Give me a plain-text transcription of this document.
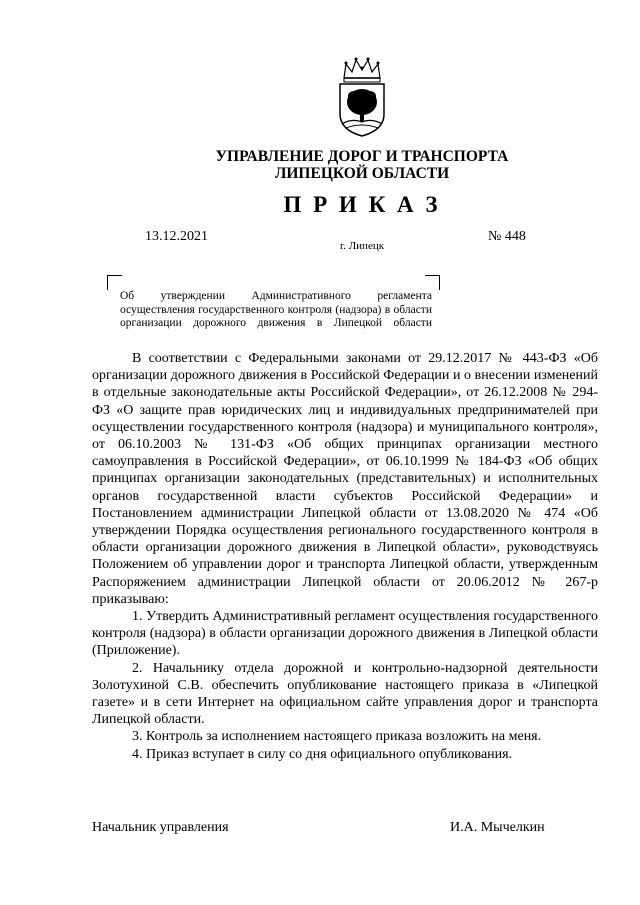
УПРАВЛЕНИЕ ДОРОГ И ТРАНСПОРТА
ЛИПЕЦКОЙ ОБЛАСТИ
П Р И К А З
13.12.2021	№ 448
г. Липецк
Об утверждении Административного регламента осуществления государственного контроля (надзора) в области организации дорожного движения в Липецкой области

В соответствии с Федеральными законами от 29.12.2017 № 443-ФЗ «Об организации дорожного движения в Российской Федерации и о внесении изменений в отдельные законодательные акты Российской Федерации», от 26.12.2008 № 294-ФЗ «О защите прав юридических лиц и индивидуальных предпринимателей при осуществлении государственного контроля (надзора) и муниципального контроля», от 06.10.2003 № 131-ФЗ «Об общих принципах организации местного самоуправления в Российской Федерации», от 06.10.1999 № 184-ФЗ «Об общих принципах организации законодательных (представительных) и исполнительных органов государственной власти субъектов Российской Федерации» и Постановлением администрации Липецкой области от 13.08.2020 № 474 «Об утверждении Порядка осуществления регионального государственного контроля в области организации дорожного движения в Липецкой области», руководствуясь Положением об управлении дорог и транспорта Липецкой области, утвержденным Распоряжением администрации Липецкой области от 20.06.2012 № 267-р приказываю:

1. Утвердить Административный регламент осуществления государственного контроля (надзора) в области организации дорожного движения в Липецкой области (Приложение).

2. Начальнику отдела дорожной и контрольно-надзорной деятельности Золотухиной С.В. обеспечить опубликование настоящего приказа в «Липецкой газете» и в сети Интернет на официальном сайте управления дорог и транспорта Липецкой области.

3. Контроль за исполнением настоящего приказа возложить на меня.

4. Приказ вступает в силу со дня официального опубликования.

Начальник управления	И.А. Мычелкин
